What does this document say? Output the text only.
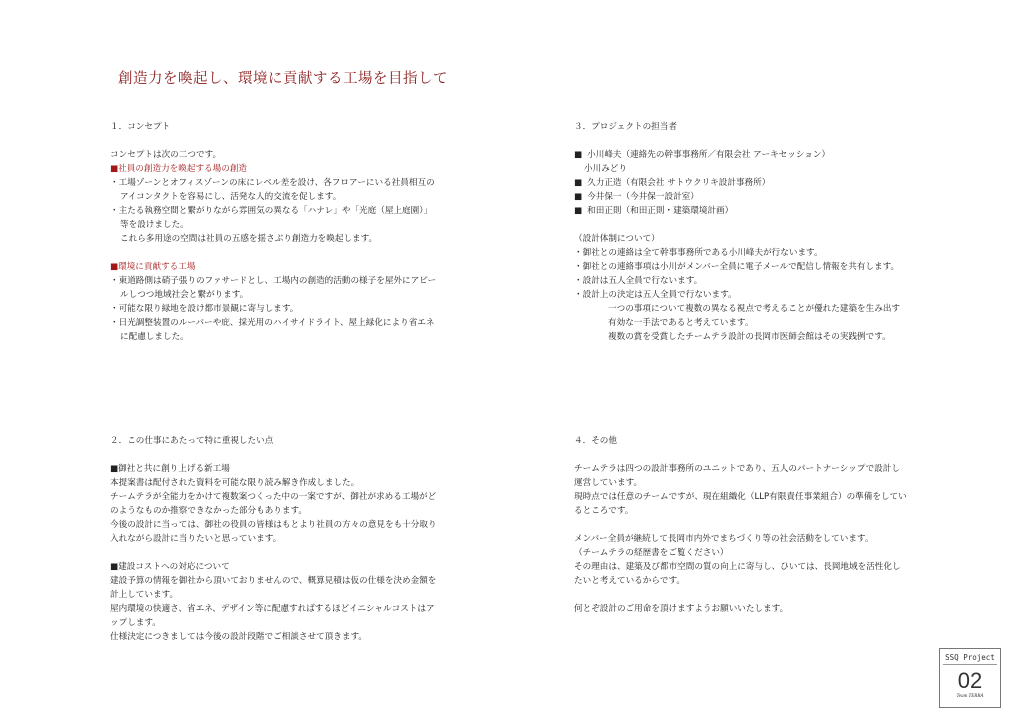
創造力を喚起し、環境に貢献する工場を目指して
１．コンセプト
コンセプトは次の二つです。
■社員の創造力を喚起する場の創造
・工場ゾーンとオフィスゾーンの床にレベル差を設け、各フロアーにいる社員相互の
アイコンタクトを容易にし、活発な人的交流を促します。
・主たる執務空間と繋がりながら雰囲気の異なる「ハナレ」や「光庭（屋上庭園）」
等を設けました。
これら多用途の空間は社員の五感を揺さぶり創造力を喚起します。
■環境に貢献する工場
・東道路側は硝子張りのファサードとし、工場内の創造的活動の様子を屋外にアピー
ルしつつ地域社会と繋がります。
・可能な限り緑地を設け都市景観に寄与します。
・日光調整装置のルーバーや庇、採光用のハイサイドライト、屋上緑化により省エネ
に配慮しました。
２．この仕事にあたって特に重視したい点
■御社と共に創り上げる新工場
本提案書は配付された資料を可能な限り読み解き作成しました。
チームテラが全能力をかけて複数案つくった中の一案ですが、御社が求める工場がど
のようなものか推察できなかった部分もあります。
今後の設計に当っては、御社の役員の皆様はもとより社員の方々の意見をも十分取り
入れながら設計に当りたいと思っています。
■建設コストへの対応について
建設予算の情報を御社から頂いておりませんので、概算見積は仮の仕様を決め金額を
計上しています。
屋内環境の快適さ、省エネ、デザイン等に配慮すればするほどイニシャルコストはア
ップします。
仕様決定につきましては今後の設計段階でご相談させて頂きます。
３．プロジェクトの担当者
■ 小川峰夫（連絡先の幹事事務所／有限会社 アーキセッション）
小川みどり
■ 久力正造（有限会社 サトウクリキ設計事務所）
■ 今井保一（今井保一設計室）
■ 和田正則（和田正則・建築環境計画）
（設計体制について）
・御社との連絡は全て幹事事務所である小川峰夫が行ないます。
・御社との連絡事項は小川がメンバー全員に電子メールで配信し情報を共有します。
・設計は五人全員で行ないます。
・設計上の決定は五人全員で行ないます。
一つの事項について複数の異なる視点で考えることが優れた建築を生み出す
有効な一手法であると考えています。
複数の賞を受賞したチームテラ設計の長岡市医師会館はその実践例です。
４．その他
チームテラは四つの設計事務所のユニットであり、五人のパートナーシップで設計し
運営しています。
現時点では任意のチームですが、現在組織化（LLP有限責任事業組合）の準備をしてい
るところです。
メンバー全員が継続して長岡市内外でまちづくり等の社会活動をしています。
（チームテラの経歴書をご覧ください）
その理由は、建築及び都市空間の質の向上に寄与し、ひいては、長岡地域を活性化し
たいと考えているからです。
何とぞ設計のご用命を頂けますようお願いいたします。
SSQ Project
02
Team TERRA
